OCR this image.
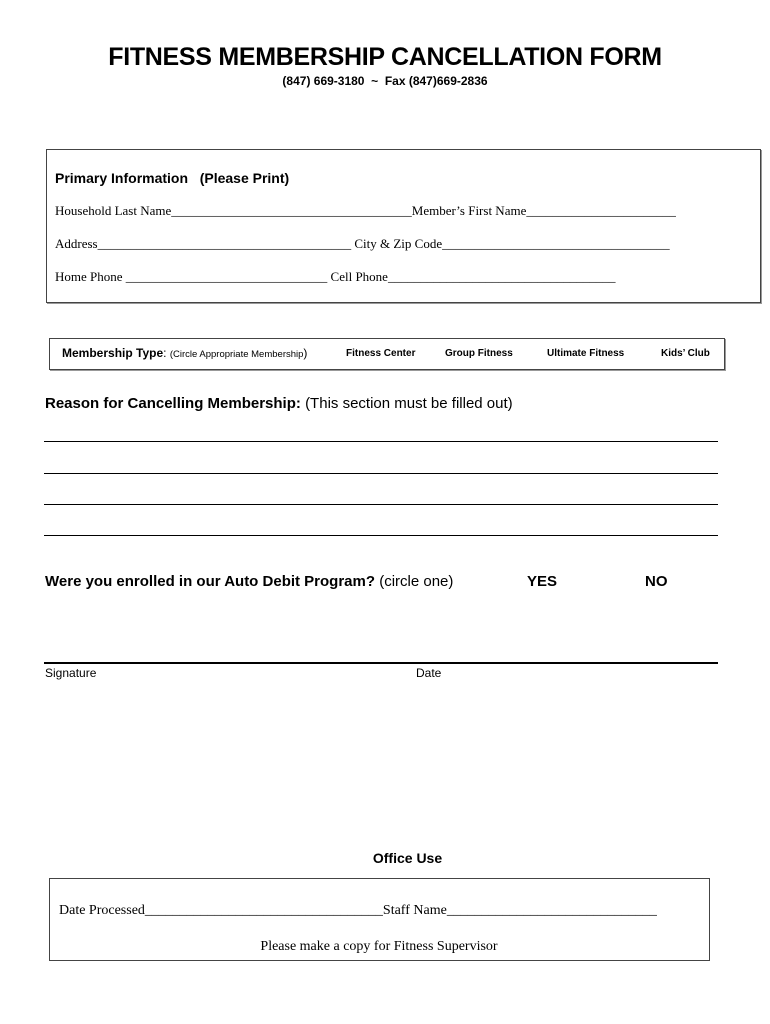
FITNESS MEMBERSHIP CANCELLATION FORM
(847) 669-3180  ~  Fax (847)669-2836
Primary Information (Please Print)
Household Last Name_____________________________________Member’s First Name_______________________
Address_______________________________________ City & Zip Code___________________________________
Home Phone _______________________________ Cell Phone___________________________________
Membership Type: (Circle Appropriate Membership)	Fitness Center	Group Fitness	Ultimate Fitness	Kids’ Club
Reason for Cancelling Membership: (This section must be filled out)
Were you enrolled in our Auto Debit Program? (circle one)	YES	NO
Signature	Date
Office Use
Date Processed__________________________________Staff Name______________________________
Please make a copy for Fitness Supervisor
